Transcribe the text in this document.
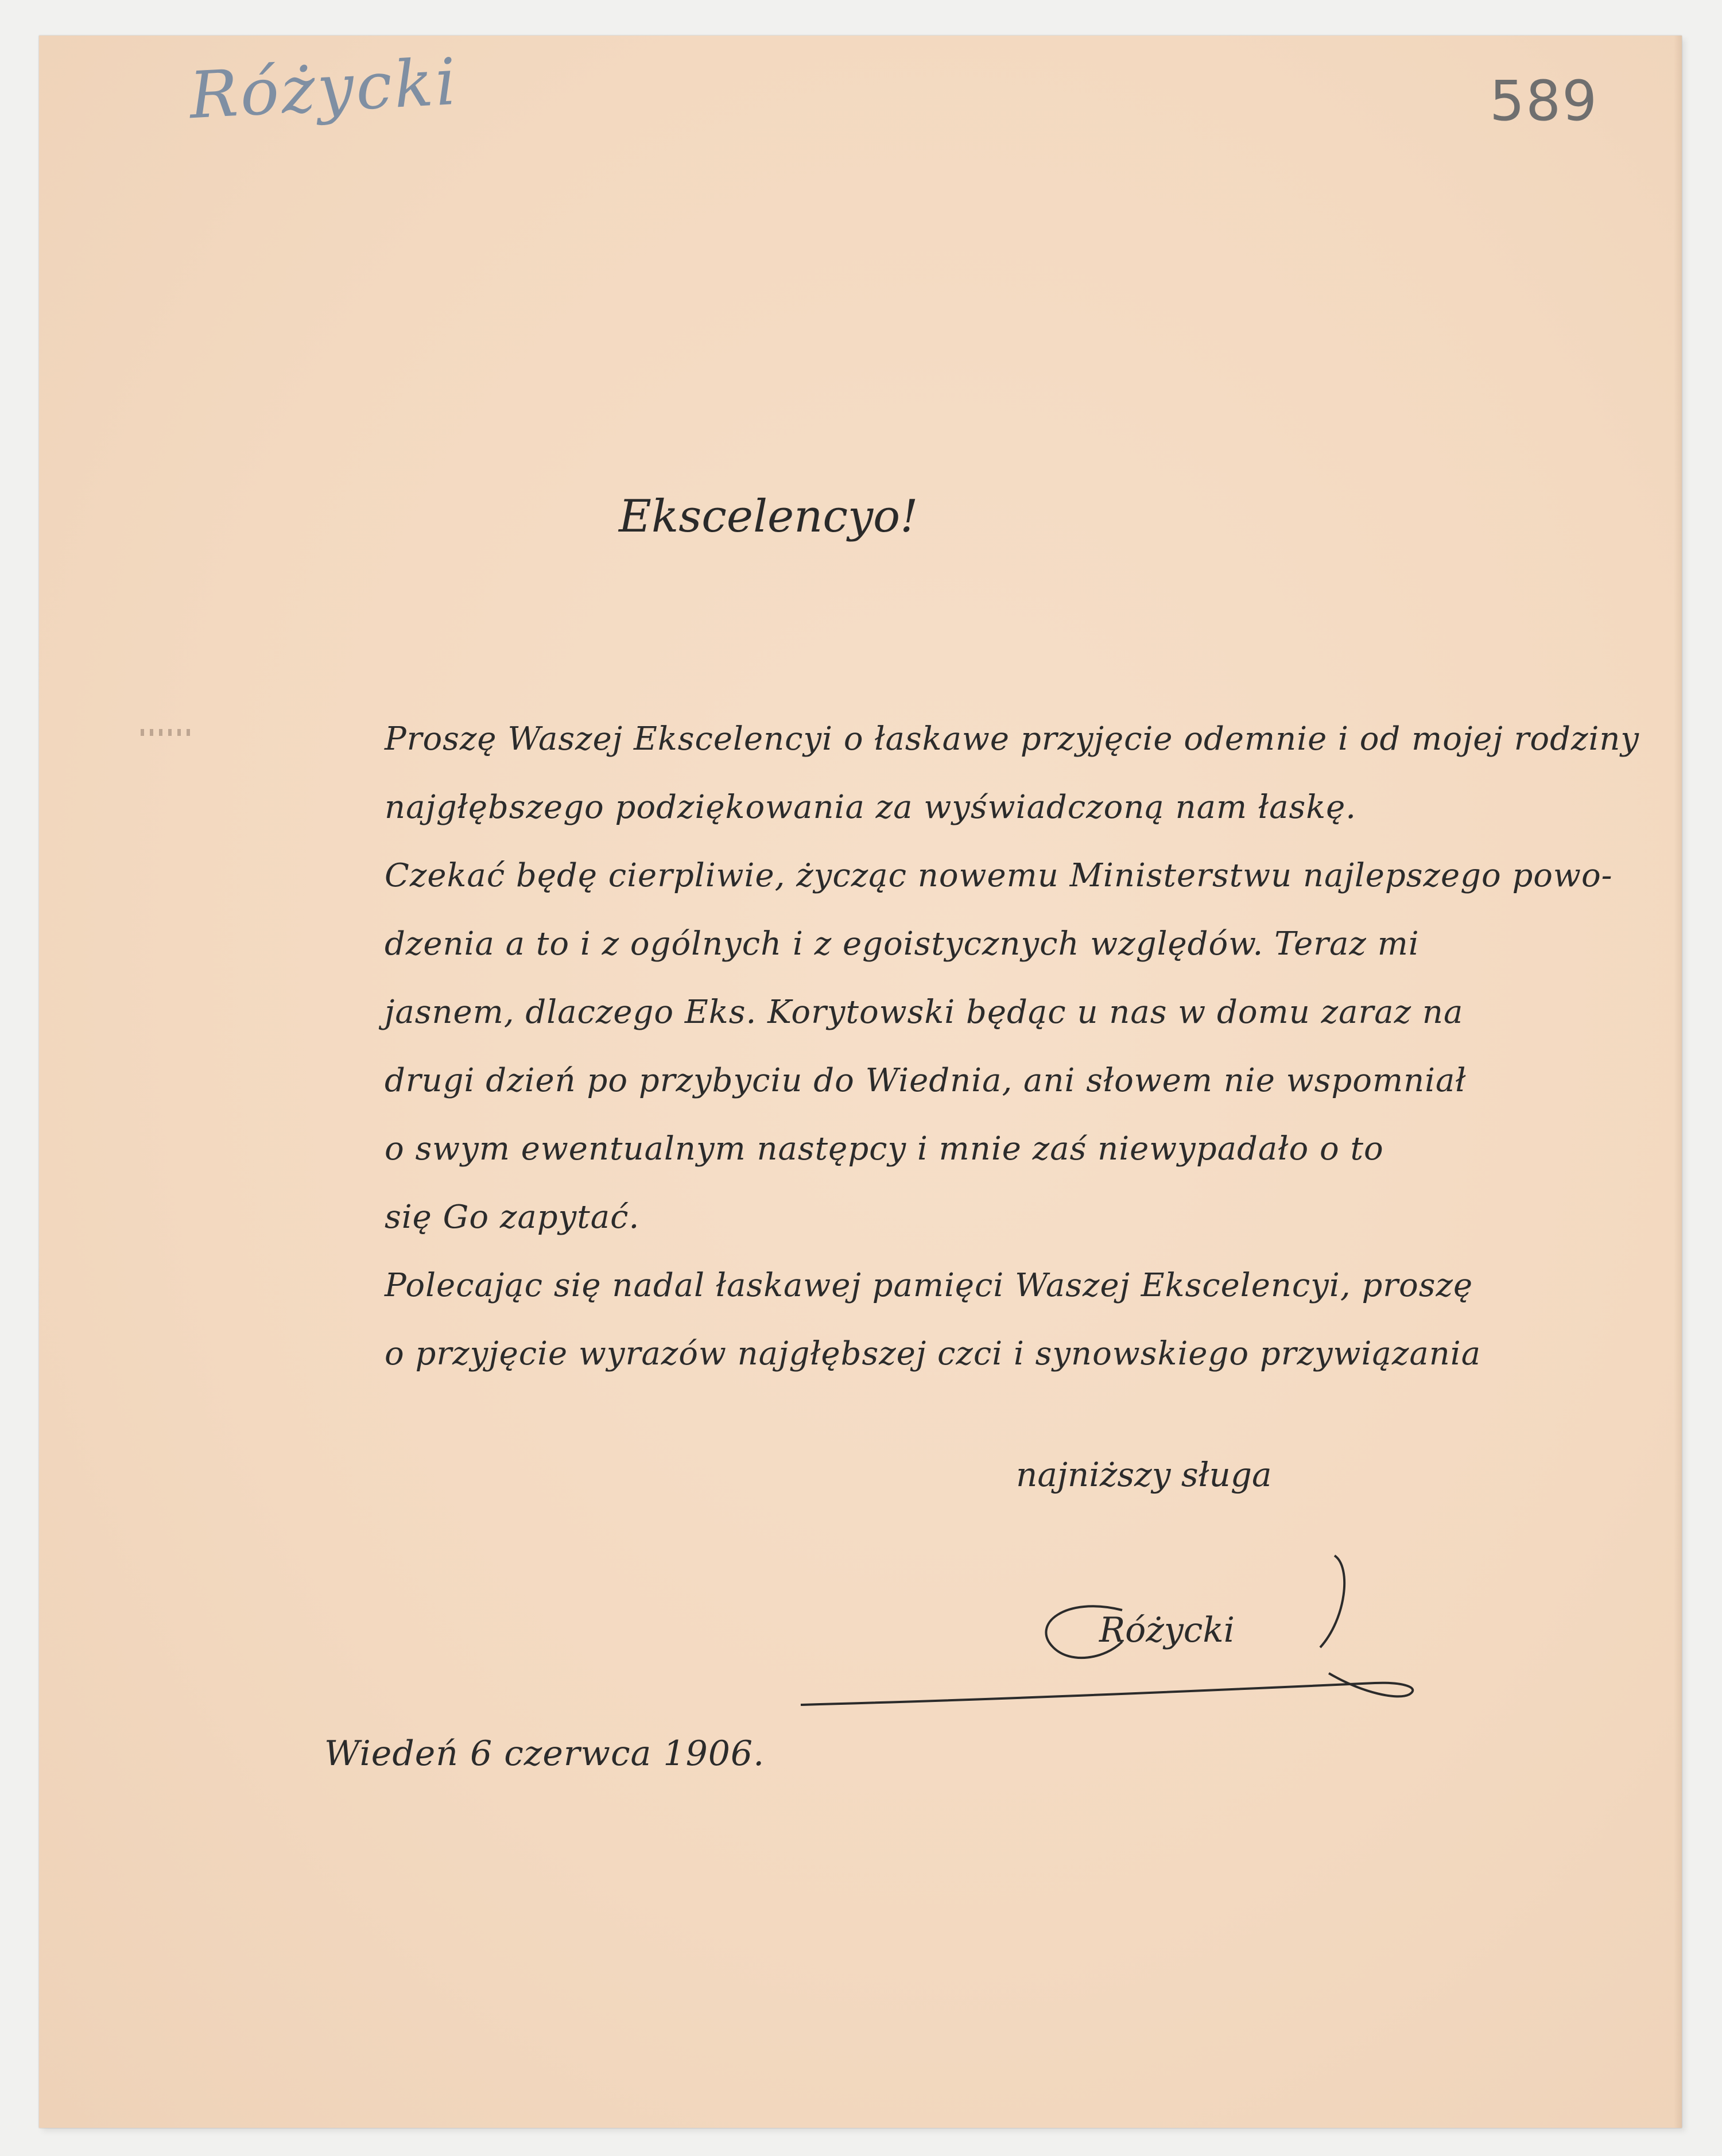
Różycki	589
Ekscelencyo!
Proszę Waszej Ekscelencyi o łaskawe przyjęcie odemnie i od mojej rodziny
najgłębszego podziękowania za wyświadczoną nam łaskę.
Czekać będę cierpliwie, życząc nowemu Ministerstwu najlepszego powo-
dzenia a to i z ogólnych i z egoistycznych względów. Teraz mi
jasnem, dlaczego Eks. Korytowski będąc u nas w domu zaraz na
drugi dzień po przybyciu do Wiednia, ani słowem nie wspomniał
o swym ewentualnym następcy i mnie zaś niewypadało o to
się Go zapytać.
Polecając się nadal łaskawej pamięci Waszej Ekscelencyi, proszę
o przyjęcie wyrazów najgłębszej czci i synowskiego przywiązania
najniższy sługa
Różycki
Wiedeń 6 czerwca 1906.
